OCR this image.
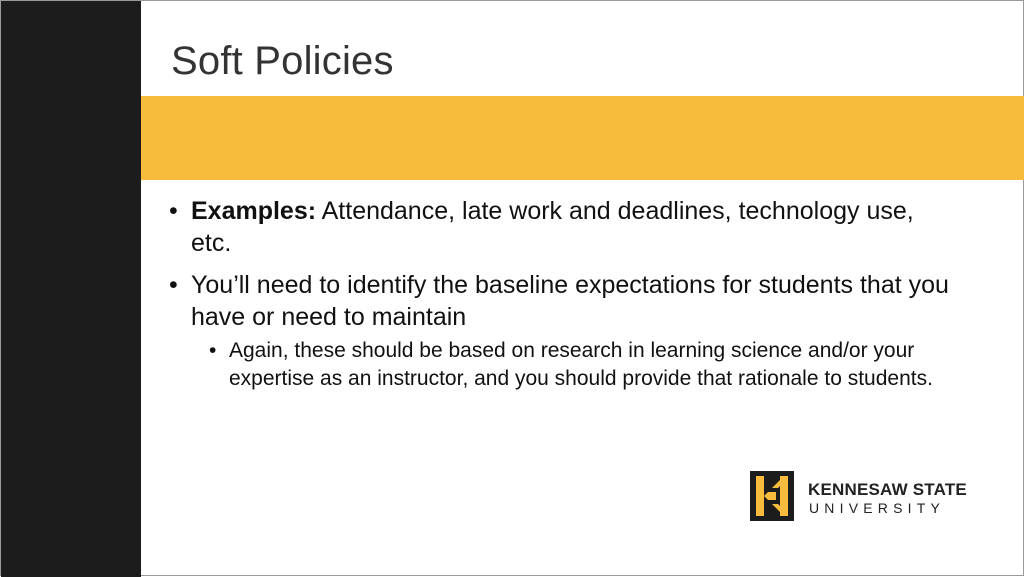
Soft Policies
• Examples: Attendance, late work and deadlines, technology use, etc.
• You’ll need to identify the baseline expectations for students that you have or need to maintain
• Again, these should be based on research in learning science and/or your expertise as an instructor, and you should provide that rationale to students.
KENNESAW STATE
UNIVERSITY
